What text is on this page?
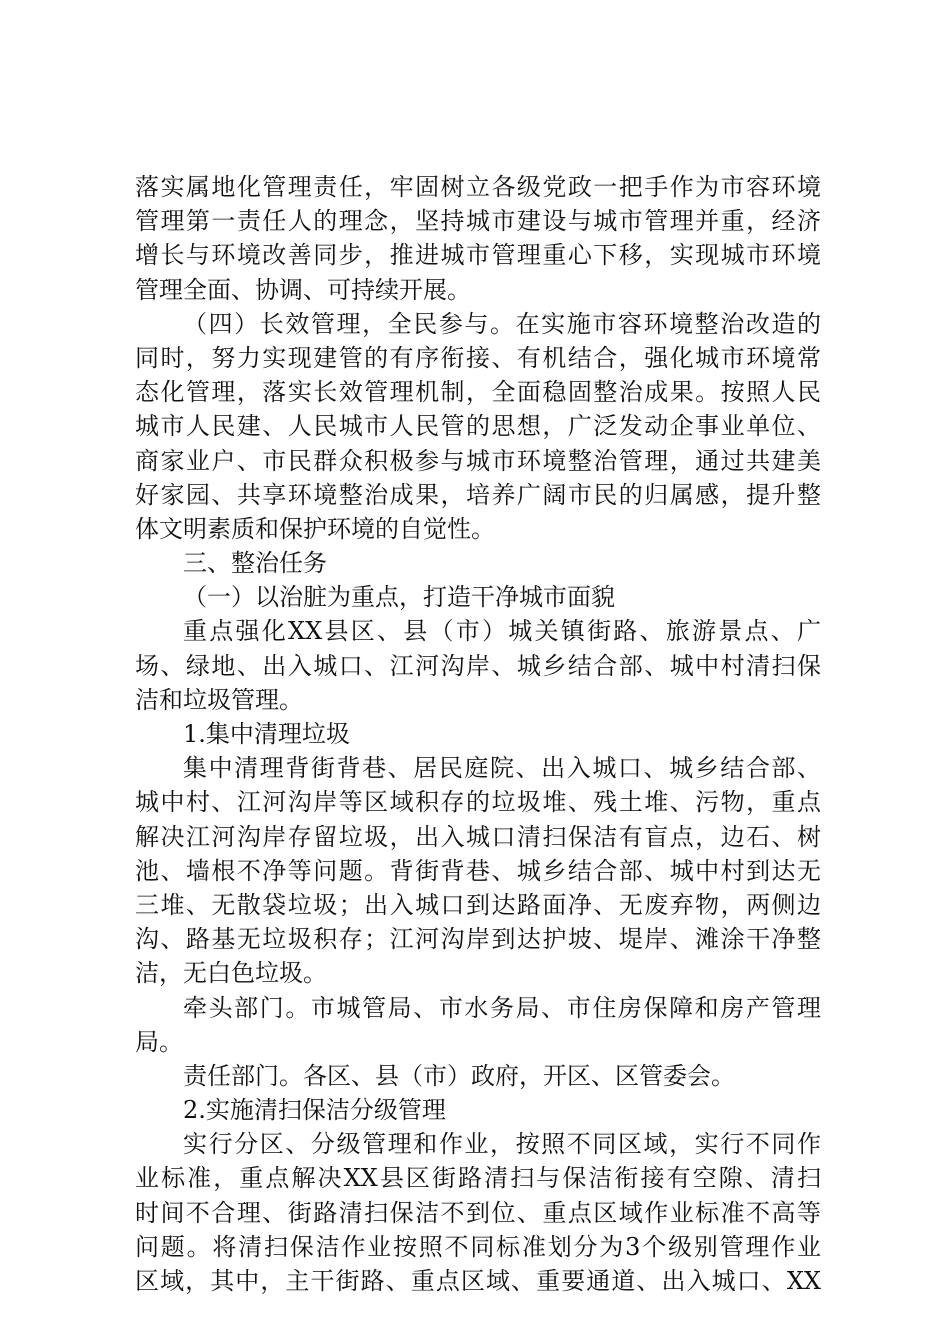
落实属地化管理责任，牢固树立各级党政一把手作为市容环境
管理第一责任人的理念，坚持城市建设与城市管理并重，经济
增长与环境改善同步，推进城市管理重心下移，实现城市环境
管理全面、协调、可持续开展。
（四）长效管理，全民参与。在实施市容环境整治改造的
同时，努力实现建管的有序衔接、有机结合，强化城市环境常
态化管理，落实长效管理机制，全面稳固整治成果。按照人民
城市人民建、人民城市人民管的思想，广泛发动企事业单位、
商家业户、市民群众积极参与城市环境整治管理，通过共建美
好家园、共享环境整治成果，培养广阔市民的归属感，提升整
体文明素质和保护环境的自觉性。
三、整治任务
（一）以治脏为重点，打造干净城市面貌
重点强化XX县区、县（市）城关镇街路、旅游景点、广
场、绿地、出入城口、江河沟岸、城乡结合部、城中村清扫保
洁和垃圾管理。
1.集中清理垃圾
集中清理背街背巷、居民庭院、出入城口、城乡结合部、
城中村、江河沟岸等区域积存的垃圾堆、残土堆、污物，重点
解决江河沟岸存留垃圾，出入城口清扫保洁有盲点，边石、树
池、墙根不净等问题。背街背巷、城乡结合部、城中村到达无
三堆、无散袋垃圾；出入城口到达路面净、无废弃物，两侧边
沟、路基无垃圾积存；江河沟岸到达护坡、堤岸、滩涂干净整
洁，无白色垃圾。
牵头部门。市城管局、市水务局、市住房保障和房产管理
局。
责任部门。各区、县（市）政府，开区、区管委会。
2.实施清扫保洁分级管理
实行分区、分级管理和作业，按照不同区域，实行不同作
业标准，重点解决XX县区街路清扫与保洁衔接有空隙、清扫
时间不合理、街路清扫保洁不到位、重点区域作业标准不高等
问题。将清扫保洁作业按照不同标准划分为3个级别管理作业
区域，其中，主干街路、重点区域、重要通道、出入城口、XX
